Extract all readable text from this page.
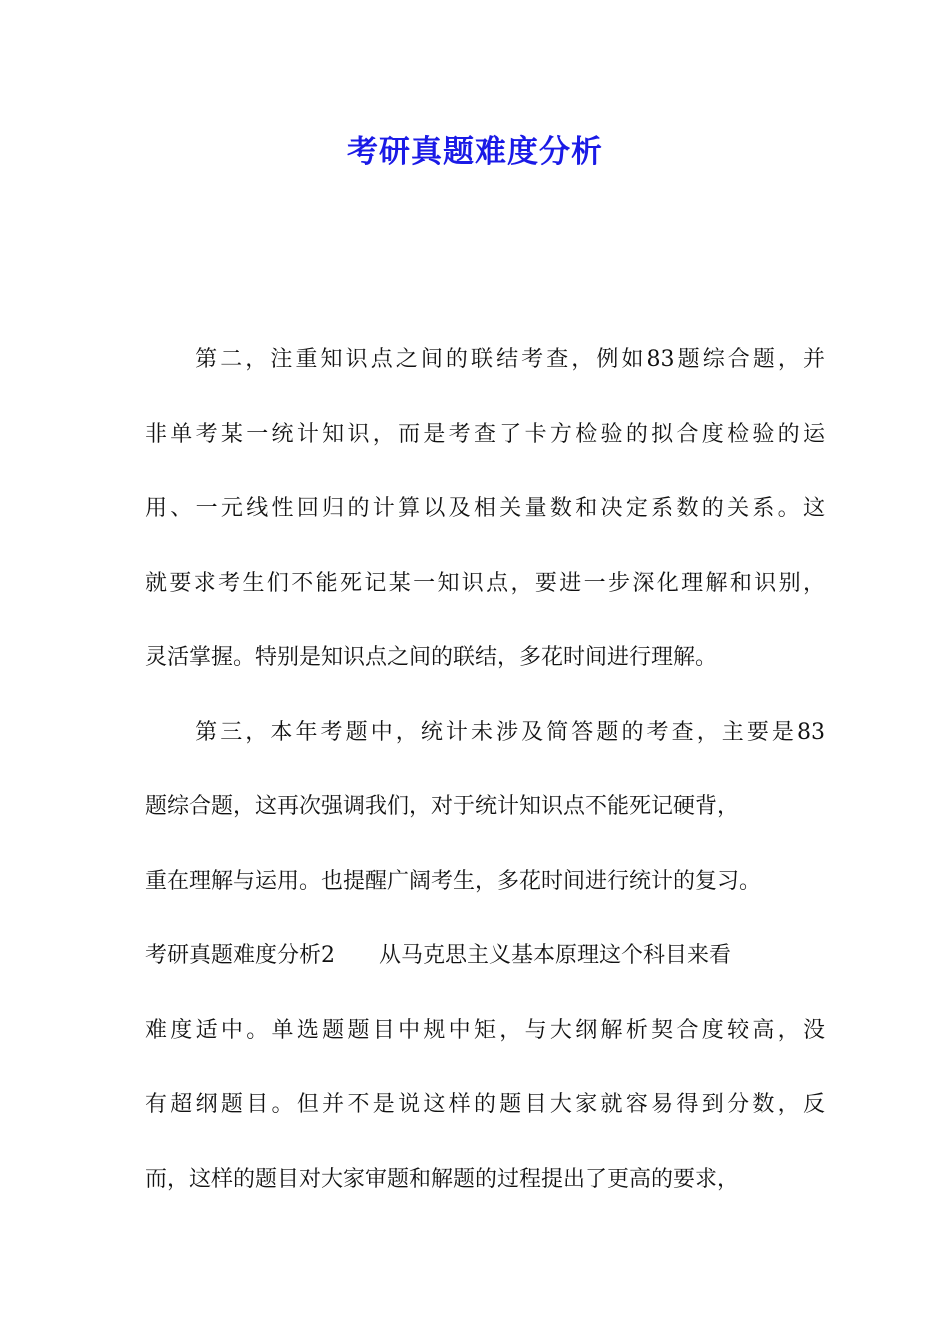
考研真题难度分析
　　第二，注重知识点之间的联结考查，例如83题综合题，并
非单考某一统计知识，而是考查了卡方检验的拟合度检验的运
用、一元线性回归的计算以及相关量数和决定系数的关系。这
就要求考生们不能死记某一知识点，要进一步深化理解和识别，
灵活掌握。特别是知识点之间的联结，多花时间进行理解。
　　第三，本年考题中，统计未涉及简答题的考查，主要是83
题综合题，这再次强调我们，对于统计知识点不能死记硬背，
重在理解与运用。也提醒广阔考生，多花时间进行统计的复习。
考研真题难度分析2　　从马克思主义基本原理这个科目来看
难度适中。单选题题目中规中矩，与大纲解析契合度较高，没
有超纲题目。但并不是说这样的题目大家就容易得到分数，反
而，这样的题目对大家审题和解题的过程提出了更高的要求，
